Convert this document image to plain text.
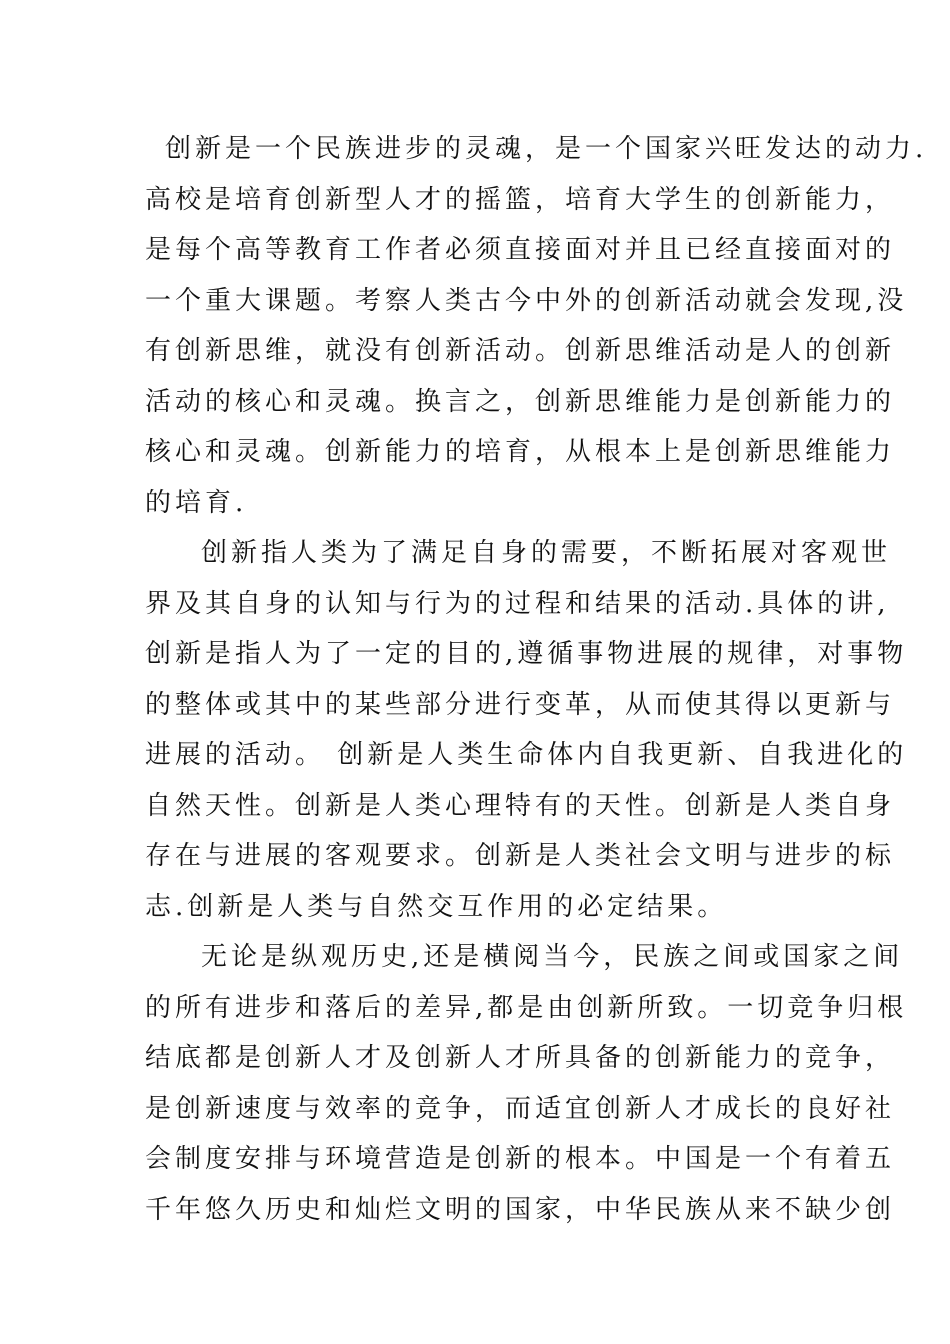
创新是一个民族进步的灵魂，是一个国家兴旺发达的动力.
高校是培育创新型人才的摇篮，培育大学生的创新能力，
是每个高等教育工作者必须直接面对并且已经直接面对的
一个重大课题。考察人类古今中外的创新活动就会发现,没
有创新思维，就没有创新活动。创新思维活动是人的创新
活动的核心和灵魂。换言之，创新思维能力是创新能力的
核心和灵魂。创新能力的培育，从根本上是创新思维能力
的培育.
创新指人类为了满足自身的需要，不断拓展对客观世
界及其自身的认知与行为的过程和结果的活动.具体的讲,
创新是指人为了一定的目的,遵循事物进展的规律，对事物
的整体或其中的某些部分进行变革，从而使其得以更新与
进展的活动。 创新是人类生命体内自我更新、自我进化的
自然天性。创新是人类心理特有的天性。创新是人类自身
存在与进展的客观要求。创新是人类社会文明与进步的标
志.创新是人类与自然交互作用的必定结果。
无论是纵观历史,还是横阅当今，民族之间或国家之间
的所有进步和落后的差异,都是由创新所致。一切竞争归根
结底都是创新人才及创新人才所具备的创新能力的竞争，
是创新速度与效率的竞争，而适宜创新人才成长的良好社
会制度安排与环境营造是创新的根本。中国是一个有着五
千年悠久历史和灿烂文明的国家，中华民族从来不缺少创
